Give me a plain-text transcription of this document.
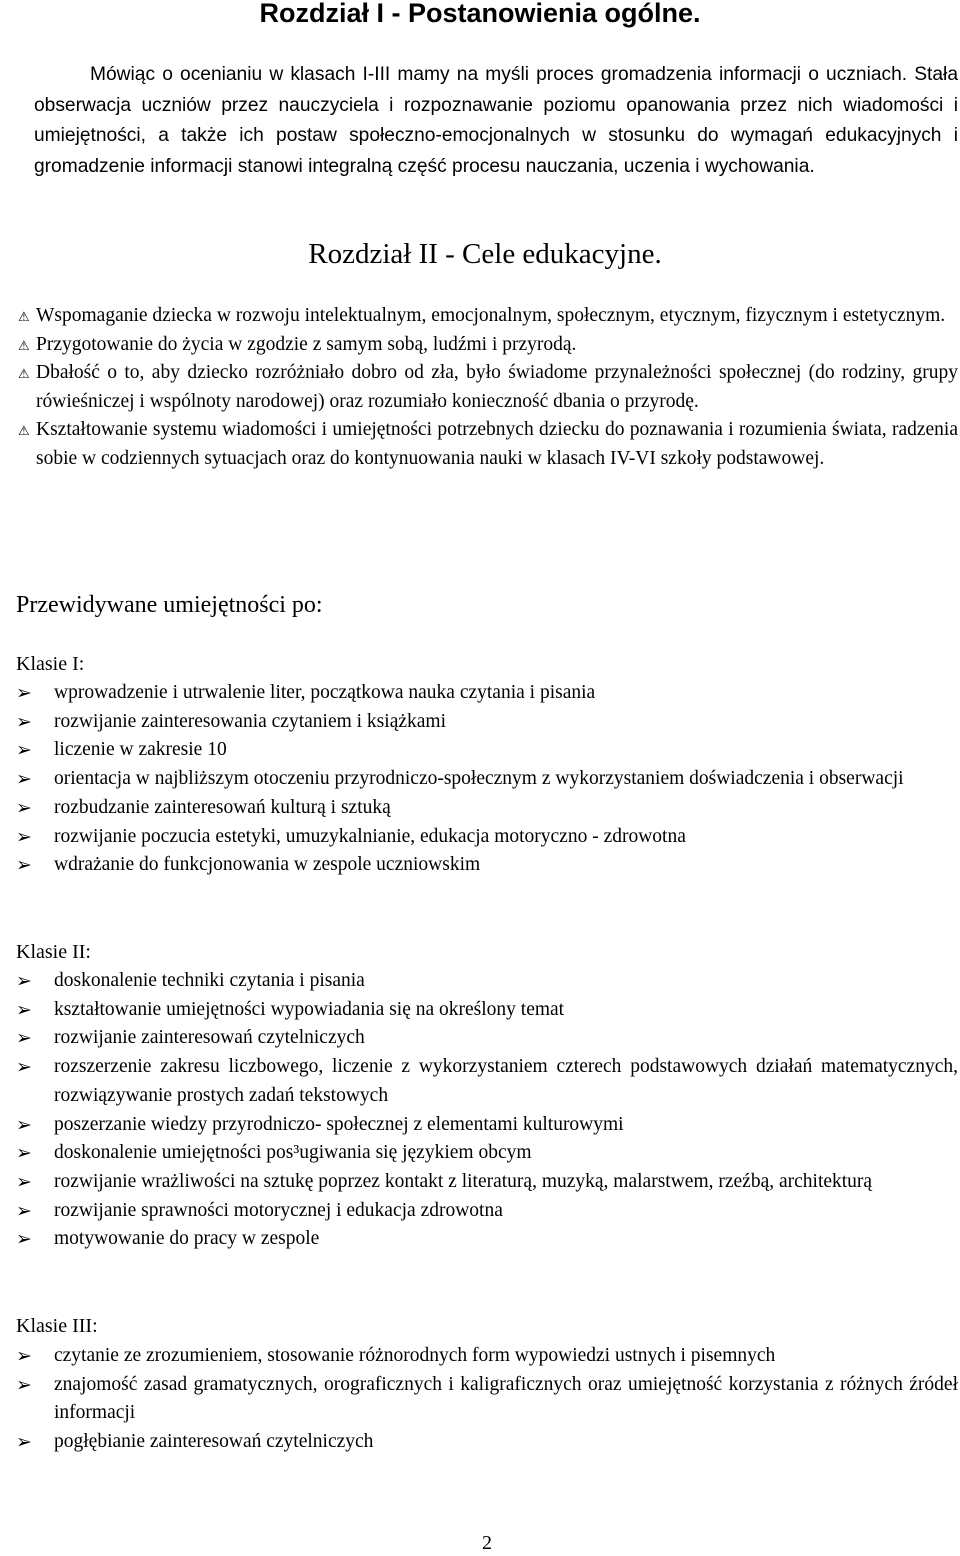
Rozdział I - Postanowienia ogólne.

Mówiąc o ocenianiu w klasach I-III mamy na myśli proces gromadzenia informacji o uczniach. Stała obserwacja uczniów przez nauczyciela i rozpoznawanie poziomu opanowania przez nich wiadomości i umiejętności, a także ich postaw społeczno-emocjonalnych w stosunku do wymagań edukacyjnych i gromadzenie informacji stanowi integralną część procesu nauczania, uczenia i wychowania.

Rozdział II - Cele edukacyjne.
⚠ Wspomaganie dziecka w rozwoju intelektualnym, emocjonalnym, społecznym, etycznym, fizycznym i estetycznym.
⚠ Przygotowanie do życia w zgodzie z samym sobą, ludźmi i przyrodą.
⚠ Dbałość o to, aby dziecko rozróżniało dobro od zła, było świadome przynależności społecznej (do rodziny, grupy rówieśniczej i wspólnoty narodowej) oraz rozumiało konieczność dbania o przyrodę.
⚠ Kształtowanie systemu wiadomości i umiejętności potrzebnych dziecku do poznawania i rozumienia świata, radzenia sobie w codziennych sytuacjach oraz do kontynuowania nauki w klasach IV-VI szkoły podstawowej.
Przewidywane umiejętności po:
Klasie I:
➢ wprowadzenie i utrwalenie liter, początkowa nauka czytania i pisania
➢ rozwijanie zainteresowania czytaniem i książkami
➢ liczenie w zakresie 10
➢ orientacja w najbliższym otoczeniu przyrodniczo-społecznym z wykorzystaniem doświadczenia i obserwacji
➢ rozbudzanie zainteresowań kulturą i sztuką
➢ rozwijanie poczucia estetyki, umuzykalnianie, edukacja motoryczno - zdrowotna
➢ wdrażanie do funkcjonowania w zespole uczniowskim
Klasie II:
➢ doskonalenie techniki czytania i pisania
➢ kształtowanie umiejętności wypowiadania się na określony temat
➢ rozwijanie zainteresowań czytelniczych
➢ rozszerzenie zakresu liczbowego, liczenie z wykorzystaniem czterech podstawowych działań matematycznych, rozwiązywanie prostych zadań tekstowych
➢ poszerzanie wiedzy przyrodniczo- społecznej z elementami kulturowymi
➢ doskonalenie umiejętności pos³ugiwania się językiem obcym
➢ rozwijanie wrażliwości na sztukę poprzez kontakt z literaturą, muzyką, malarstwem, rzeźbą, architekturą
➢ rozwijanie sprawności motorycznej i edukacja zdrowotna
➢ motywowanie do pracy w zespole
Klasie III:
➢ czytanie ze zrozumieniem, stosowanie różnorodnych form wypowiedzi ustnych i pisemnych
➢ znajomość zasad gramatycznych, orograficznych i kaligraficznych oraz umiejętność korzystania z różnych źródeł informacji
➢ pogłębianie zainteresowań czytelniczych
2
